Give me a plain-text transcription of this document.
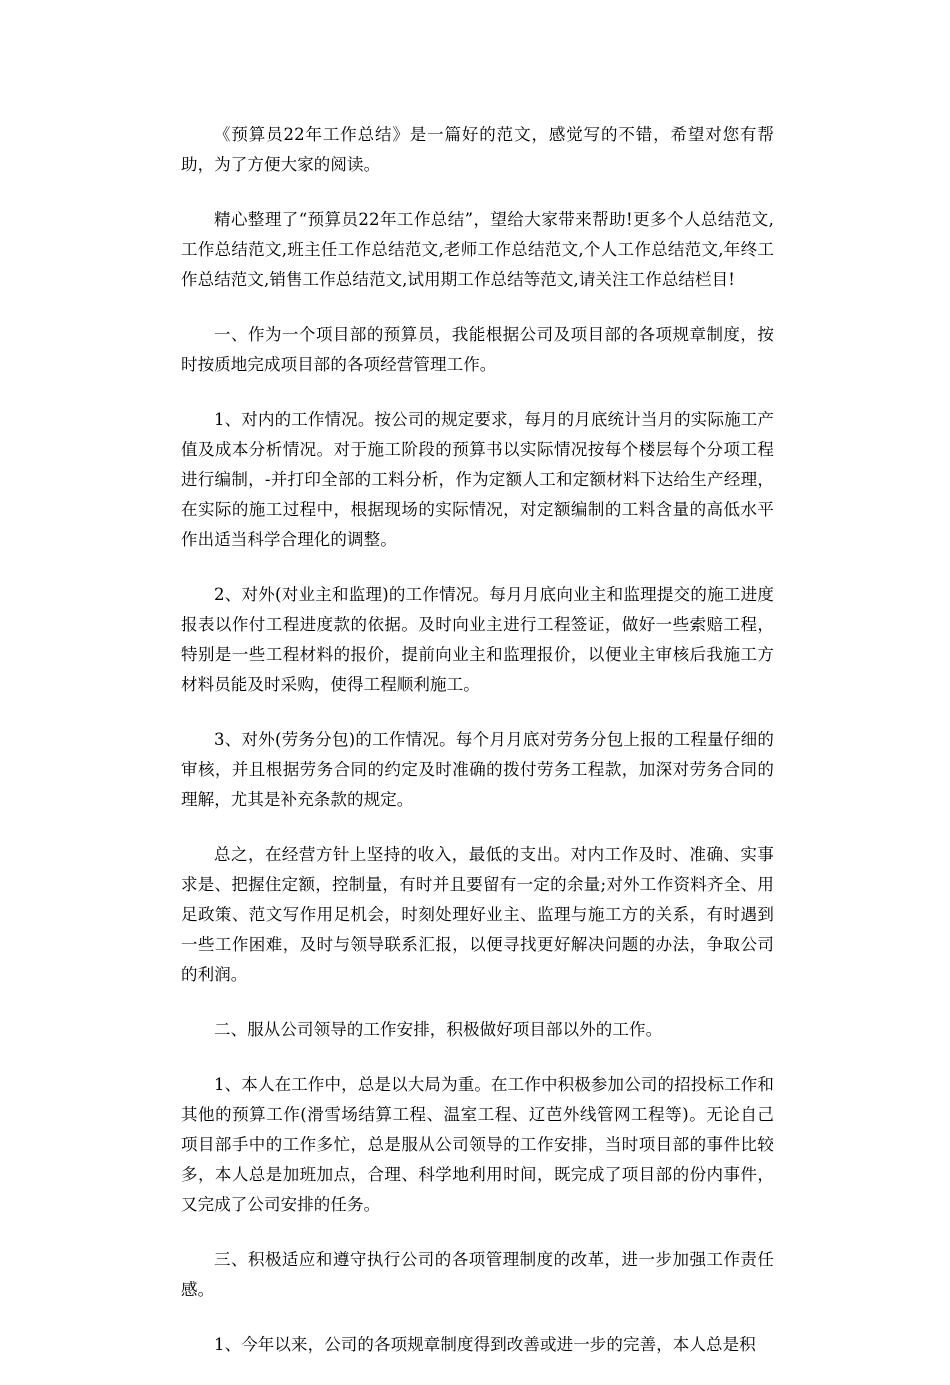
《预算员22年工作总结》是一篇好的范文，感觉写的不错，希望对您有帮助，为了方便大家的阅读。

精心整理了“预算员22年工作总结”，望给大家带来帮助!更多个人总结范文,工作总结范文,班主任工作总结范文,老师工作总结范文,个人工作总结范文,年终工作总结范文,销售工作总结范文,试用期工作总结等范文,请关注工作总结栏目!

一、作为一个项目部的预算员，我能根据公司及项目部的各项规章制度，按时按质地完成项目部的各项经营管理工作。

1、对内的工作情况。按公司的规定要求，每月的月底统计当月的实际施工产值及成本分析情况。对于施工阶段的预算书以实际情况按每个楼层每个分项工程进行编制，-并打印全部的工料分析，作为定额人工和定额材料下达给生产经理，在实际的施工过程中，根据现场的实际情况，对定额编制的工料含量的高低水平作出适当科学合理化的调整。

2、对外(对业主和监理)的工作情况。每月月底向业主和监理提交的施工进度报表以作付工程进度款的依据。及时向业主进行工程签证，做好一些索赔工程，特别是一些工程材料的报价，提前向业主和监理报价，以便业主审核后我施工方材料员能及时采购，使得工程顺利施工。

3、对外(劳务分包)的工作情况。每个月月底对劳务分包上报的工程量仔细的审核，并且根据劳务合同的约定及时准确的拨付劳务工程款，加深对劳务合同的理解，尤其是补充条款的规定。

总之，在经营方针上坚持的收入，最低的支出。对内工作及时、准确、实事求是、把握住定额，控制量，有时并且要留有一定的余量;对外工作资料齐全、用足政策、范文写作用足机会，时刻处理好业主、监理与施工方的关系，有时遇到一些工作困难，及时与领导联系汇报，以便寻找更好解决问题的办法，争取公司的利润。

二、服从公司领导的工作安排，积极做好项目部以外的工作。

1、本人在工作中，总是以大局为重。在工作中积极参加公司的招投标工作和其他的预算工作(滑雪场结算工程、温室工程、辽芭外线管网工程等)。无论自己项目部手中的工作多忙，总是服从公司领导的工作安排，当时项目部的事件比较多，本人总是加班加点，合理、科学地利用时间，既完成了项目部的份内事件，又完成了公司安排的任务。

三、积极适应和遵守执行公司的各项管理制度的改革，进一步加强工作责任感。

1、今年以来，公司的各项规章制度得到改善或进一步的完善，本人总是积
